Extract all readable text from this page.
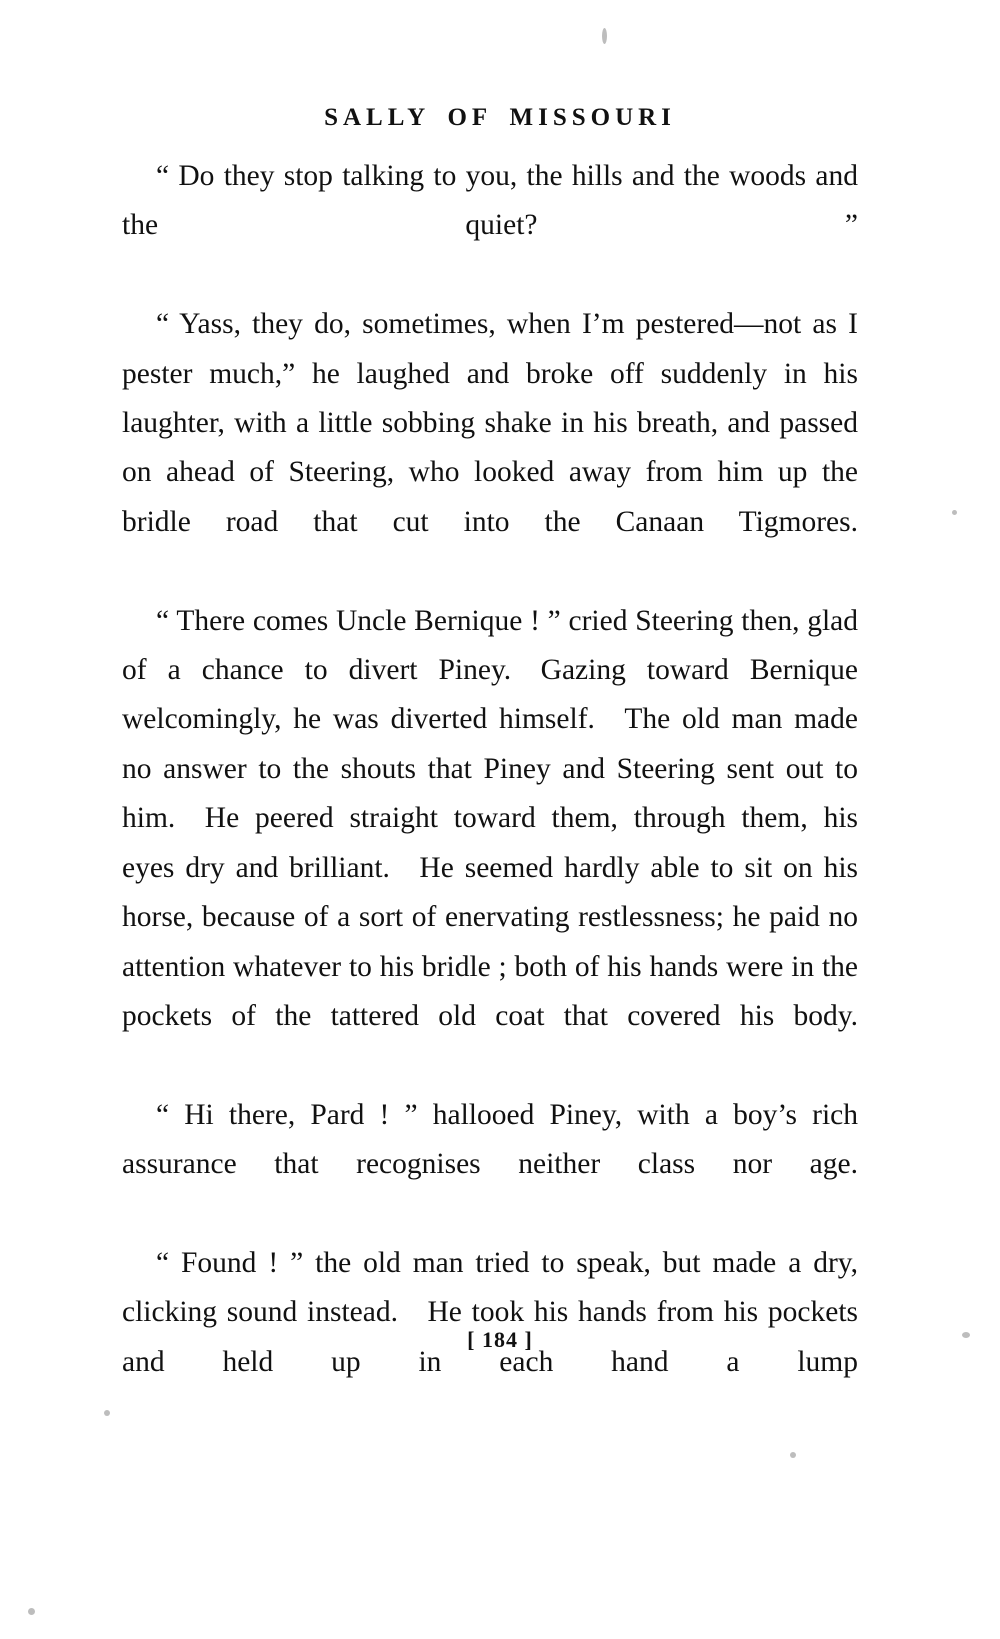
SALLY OF MISSOURI

“ Do they stop talking to you, the hills and the woods and the quiet? ”

“ Yass, they do, sometimes, when I’m pestered—not as I pester much,” he laughed and broke off suddenly in his laughter, with a little sobbing shake in his breath, and passed on ahead of Steering, who looked away from him up the bridle road that cut into the Canaan Tigmores.

“ There comes Uncle Bernique ! ” cried Steering then, glad of a chance to divert Piney. Gazing toward Bernique welcomingly, he was diverted himself. The old man made no answer to the shouts that Piney and Steering sent out to him. He peered straight toward them, through them, his eyes dry and brilliant. He seemed hardly able to sit on his horse, because of a sort of enervating restlessness; he paid no attention whatever to his bridle ; both of his hands were in the pockets of the tattered old coat that covered his body.

“ Hi there, Pard ! ” hallooed Piney, with a boy’s rich assurance that recognises neither class nor age.

“ Found ! ” the old man tried to speak, but made a dry, clicking sound instead. He took his hands from his pockets and held up in each hand a lump

[ 184 ]
